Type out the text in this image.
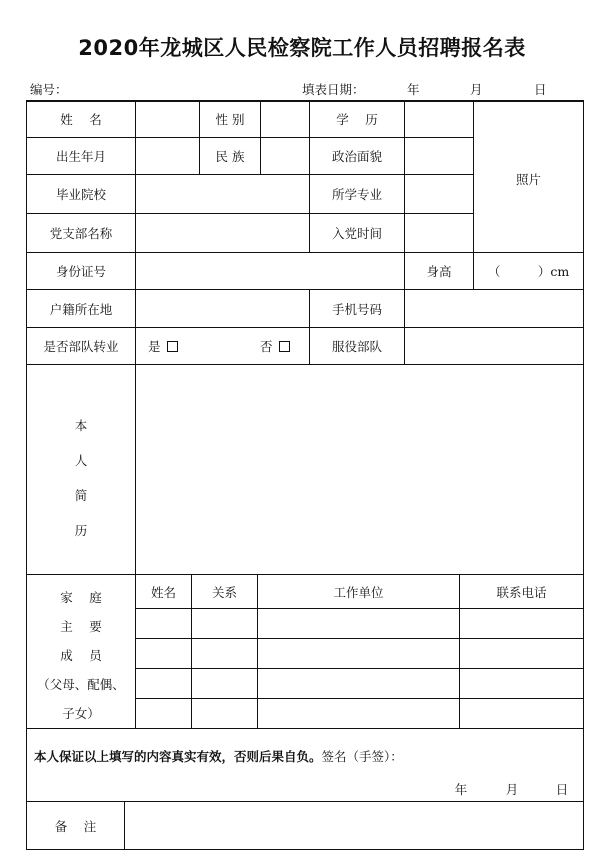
2020年龙城区人民检察院工作人员招聘报名表
编号：	填表日期：	年	月	日
姓　 名	性 别	学　 历
照片
出生年月	民 族	政治面貌
毕业院校	所学专业
党支部名称	入党时间
身份证号	身高	（　　　）cm
户籍所在地	手机号码
是否部队转业	是	否	服役部队
本
人
简
历
家　 庭
主　 要
成　 员
（父母、配偶、
子女）
姓名	关系	工作单位	联系电话
本人保证以上填写的内容真实有效，否则后果自负。签名（手签）：
年	月	日
备　 注
